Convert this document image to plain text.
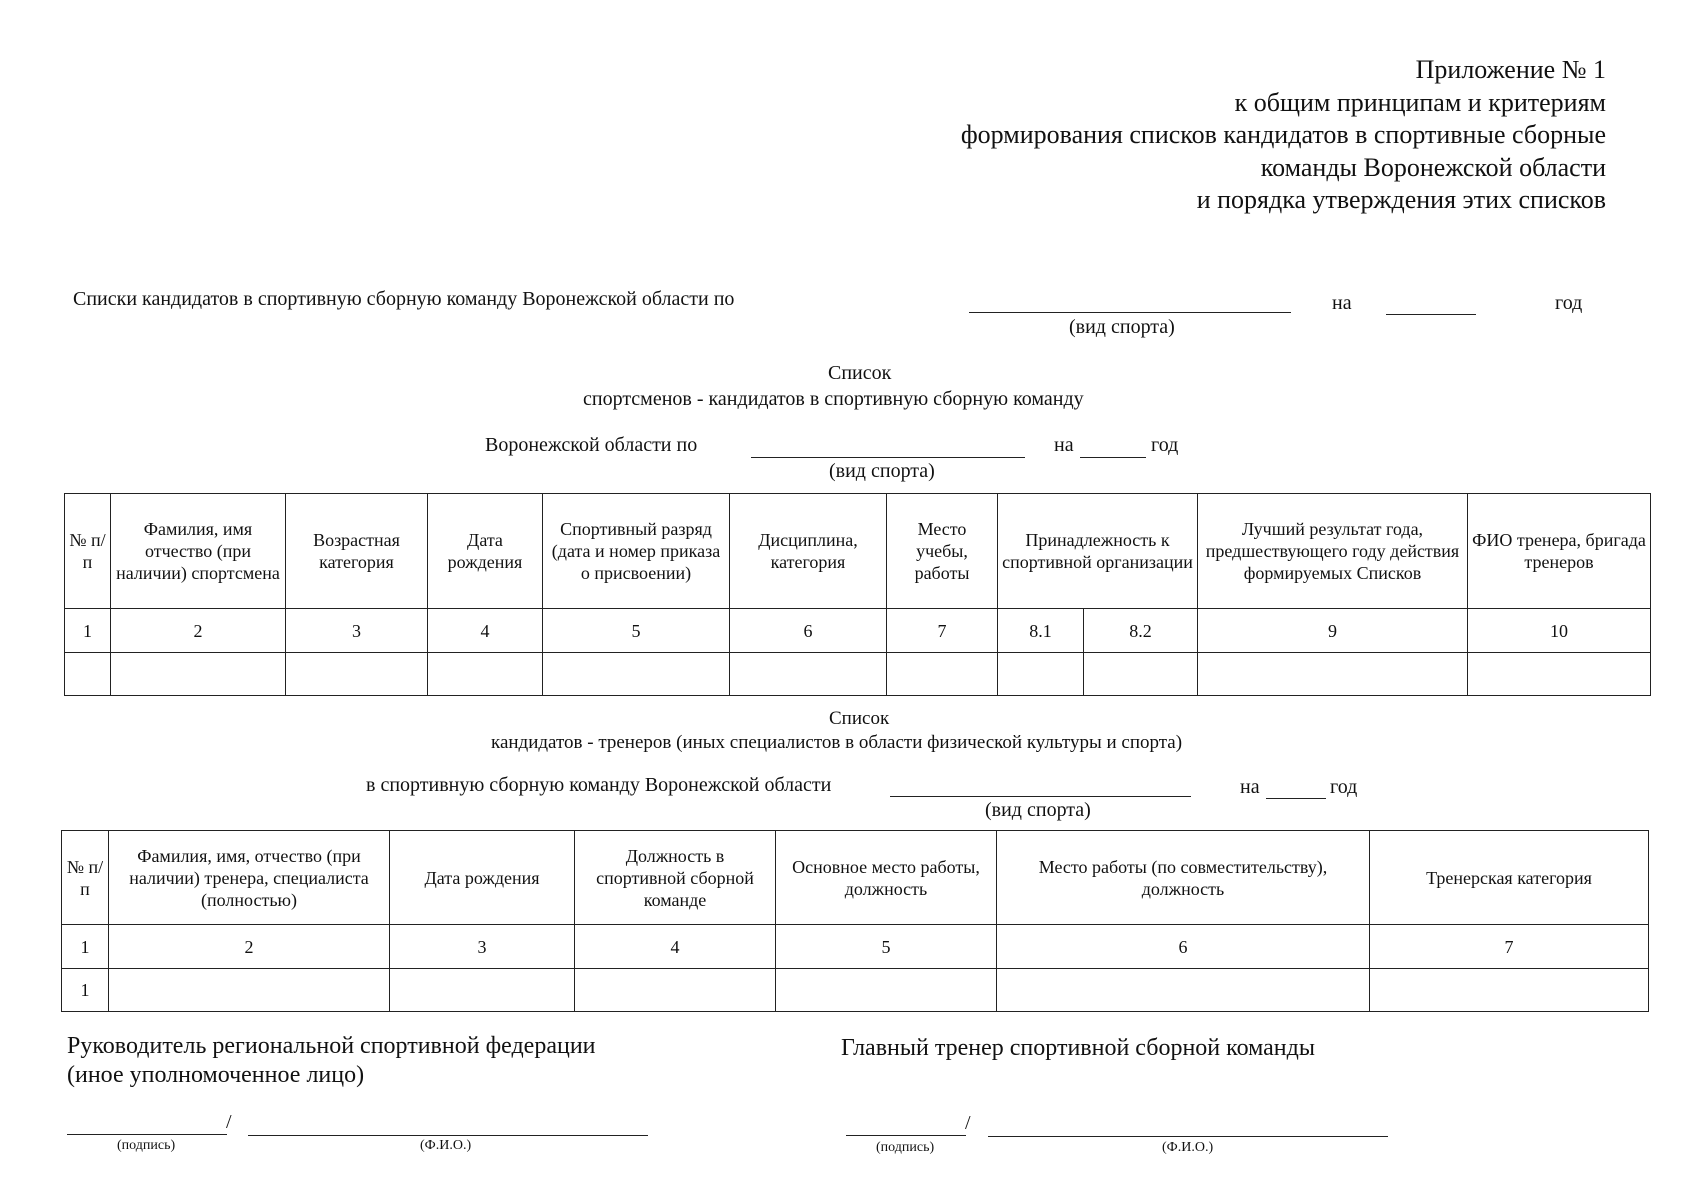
Приложение № 1
к общим принципам и критериям
формирования списков кандидатов в спортивные сборные
команды Воронежской области
и порядка утверждения этих списков
Списки кандидатов в спортивную сборную команду Воронежской области по
(вид спорта)
на	год
Список
спортсменов - кандидатов в спортивную сборную команду
Воронежской области по	на	год
(вид спорта)
№ п/п	Фамилия, имя отчество (при наличии) спортсмена	Возрастная категория	Дата рождения	Спортивный разряд (дата и номер приказа о присвоении)	Дисциплина, категория	Место учебы, работы	Принадлежность к спортивной организации		Лучший результат года, предшествующего году действия формируемых Списков	ФИО тренера, бригада тренеров
1	2	3	4	5	6	7	8.1	8.2	9	10

Список
кандидатов - тренеров (иных специалистов в области физической культуры и спорта)
в спортивную сборную команду Воронежской области	на	год
(вид спорта)
№ п/п	Фамилия, имя, отчество (при наличии) тренера, специалиста (полностью)	Дата рождения	Должность в спортивной сборной команде	Основное место работы, должность	Место работы (по совместительству), должность	Тренерская категория
1	2	3	4	5	6	7
1						
Руководитель региональной спортивной федерации
(иное уполномоченное лицо)
Главный тренер спортивной сборной команды
/
(подпись)	(Ф.И.О.)
/
(подпись)	(Ф.И.О.)
